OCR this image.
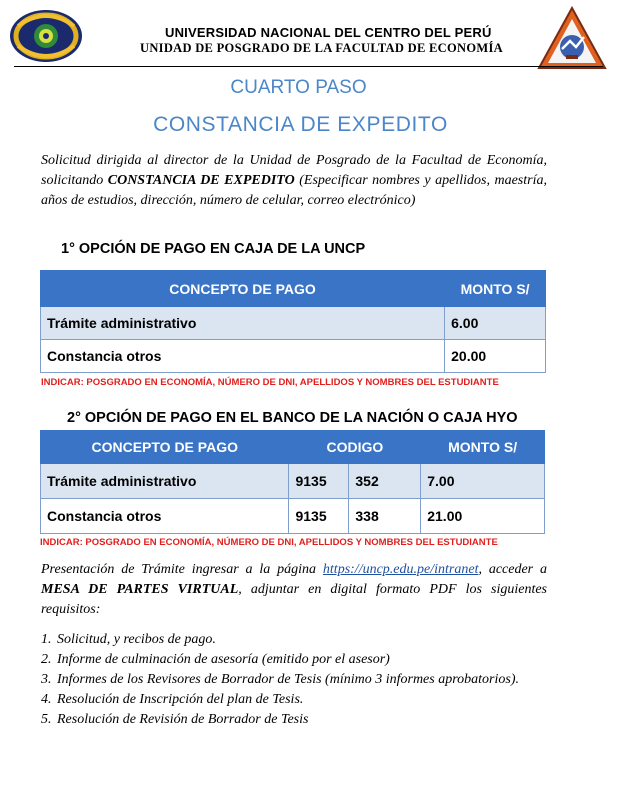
UNIVERSIDAD NACIONAL DEL CENTRO DEL PERÚ
UNIDAD DE POSGRADO DE LA FACULTAD DE ECONOMÍA
CUARTO PASO
CONSTANCIA DE EXPEDITO
Solicitud dirigida al director de la Unidad de Posgrado de la Facultad de Economía, solicitando CONSTANCIA DE EXPEDITO (Especificar nombres y apellidos, maestría, años de estudios, dirección, número de celular, correo electrónico)
1° OPCIÓN DE PAGO EN CAJA DE LA UNCP
CONCEPTO DE PAGO	MONTO S/
Trámite administrativo	6.00
Constancia otros	20.00
INDICAR: POSGRADO EN ECONOMÍA, NÚMERO DE DNI, APELLIDOS Y NOMBRES DEL ESTUDIANTE
2° OPCIÓN DE PAGO EN EL BANCO DE LA NACIÓN O CAJA HYO
CONCEPTO DE PAGO	CODIGO		MONTO S/
Trámite administrativo	9135	352	7.00
Constancia otros	9135	338	21.00
INDICAR: POSGRADO EN ECONOMÍA, NÚMERO DE DNI, APELLIDOS Y NOMBRES DEL ESTUDIANTE
Presentación de Trámite ingresar a la página https://uncp.edu.pe/intranet, acceder a MESA DE PARTES VIRTUAL, adjuntar en digital formato PDF los siguientes requisitos:
1. Solicitud, y recibos de pago.
2. Informe de culminación de asesoría (emitido por el asesor)
3. Informes de los Revisores de Borrador de Tesis (mínimo 3 informes aprobatorios).
4. Resolución de Inscripción del plan de Tesis.
5. Resolución de Revisión de Borrador de Tesis
